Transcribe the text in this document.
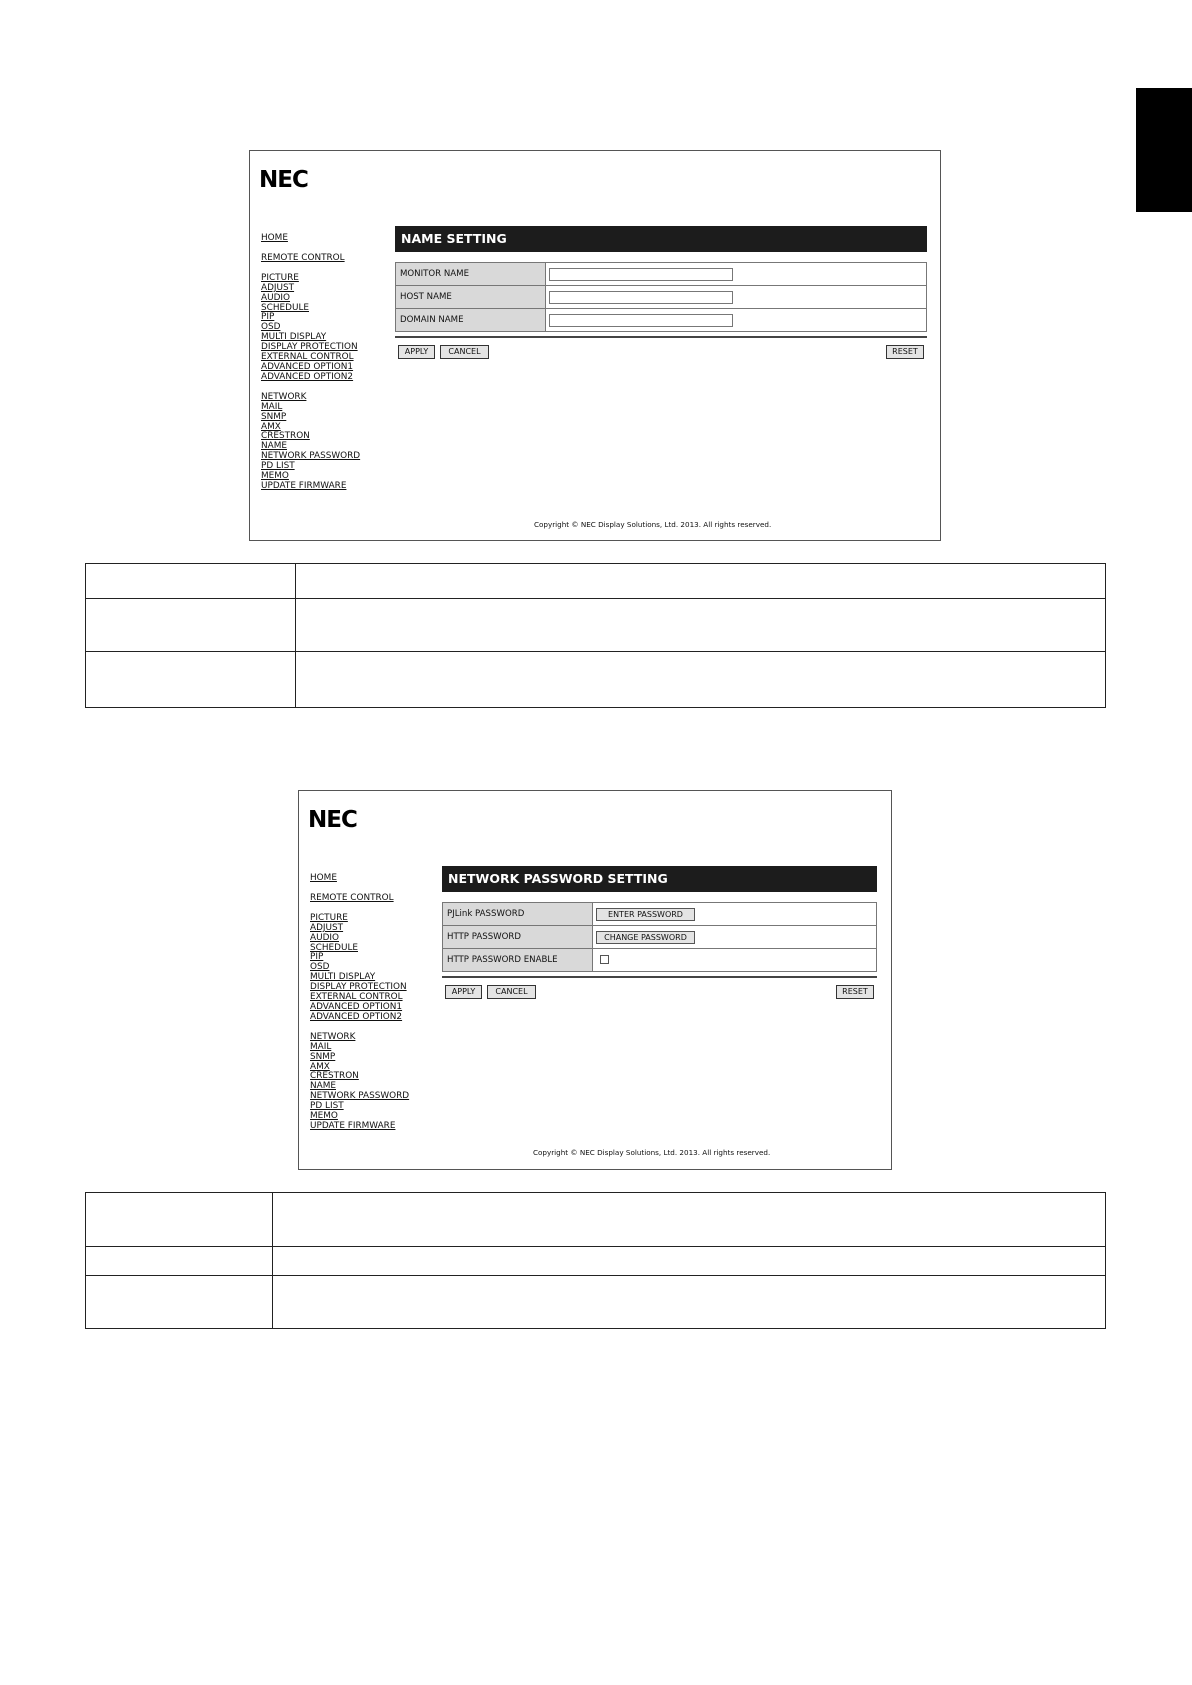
NEC
HOME
REMOTE CONTROL
PICTURE
ADJUST
AUDIO
SCHEDULE
PIP
OSD
MULTI DISPLAY
DISPLAY PROTECTION
EXTERNAL CONTROL
ADVANCED OPTION1
ADVANCED OPTION2
NETWORK
MAIL
SNMP
AMX
CRESTRON
NAME
NETWORK PASSWORD
PD LIST
MEMO
UPDATE FIRMWARE
NAME SETTING
MONITOR NAME	
HOST NAME	
DOMAIN NAME	
APPLY	CANCEL	RESET
Copyright © NEC Display Solutions, Ltd. 2013. All rights reserved.

NEC
HOME
REMOTE CONTROL
PICTURE
ADJUST
AUDIO
SCHEDULE
PIP
OSD
MULTI DISPLAY
DISPLAY PROTECTION
EXTERNAL CONTROL
ADVANCED OPTION1
ADVANCED OPTION2
NETWORK
MAIL
SNMP
AMX
CRESTRON
NAME
NETWORK PASSWORD
PD LIST
MEMO
UPDATE FIRMWARE
NETWORK PASSWORD SETTING
PJLink PASSWORD	ENTER PASSWORD
HTTP PASSWORD	CHANGE PASSWORD
HTTP PASSWORD ENABLE	
APPLY	CANCEL	RESET
Copyright © NEC Display Solutions, Ltd. 2013. All rights reserved.
